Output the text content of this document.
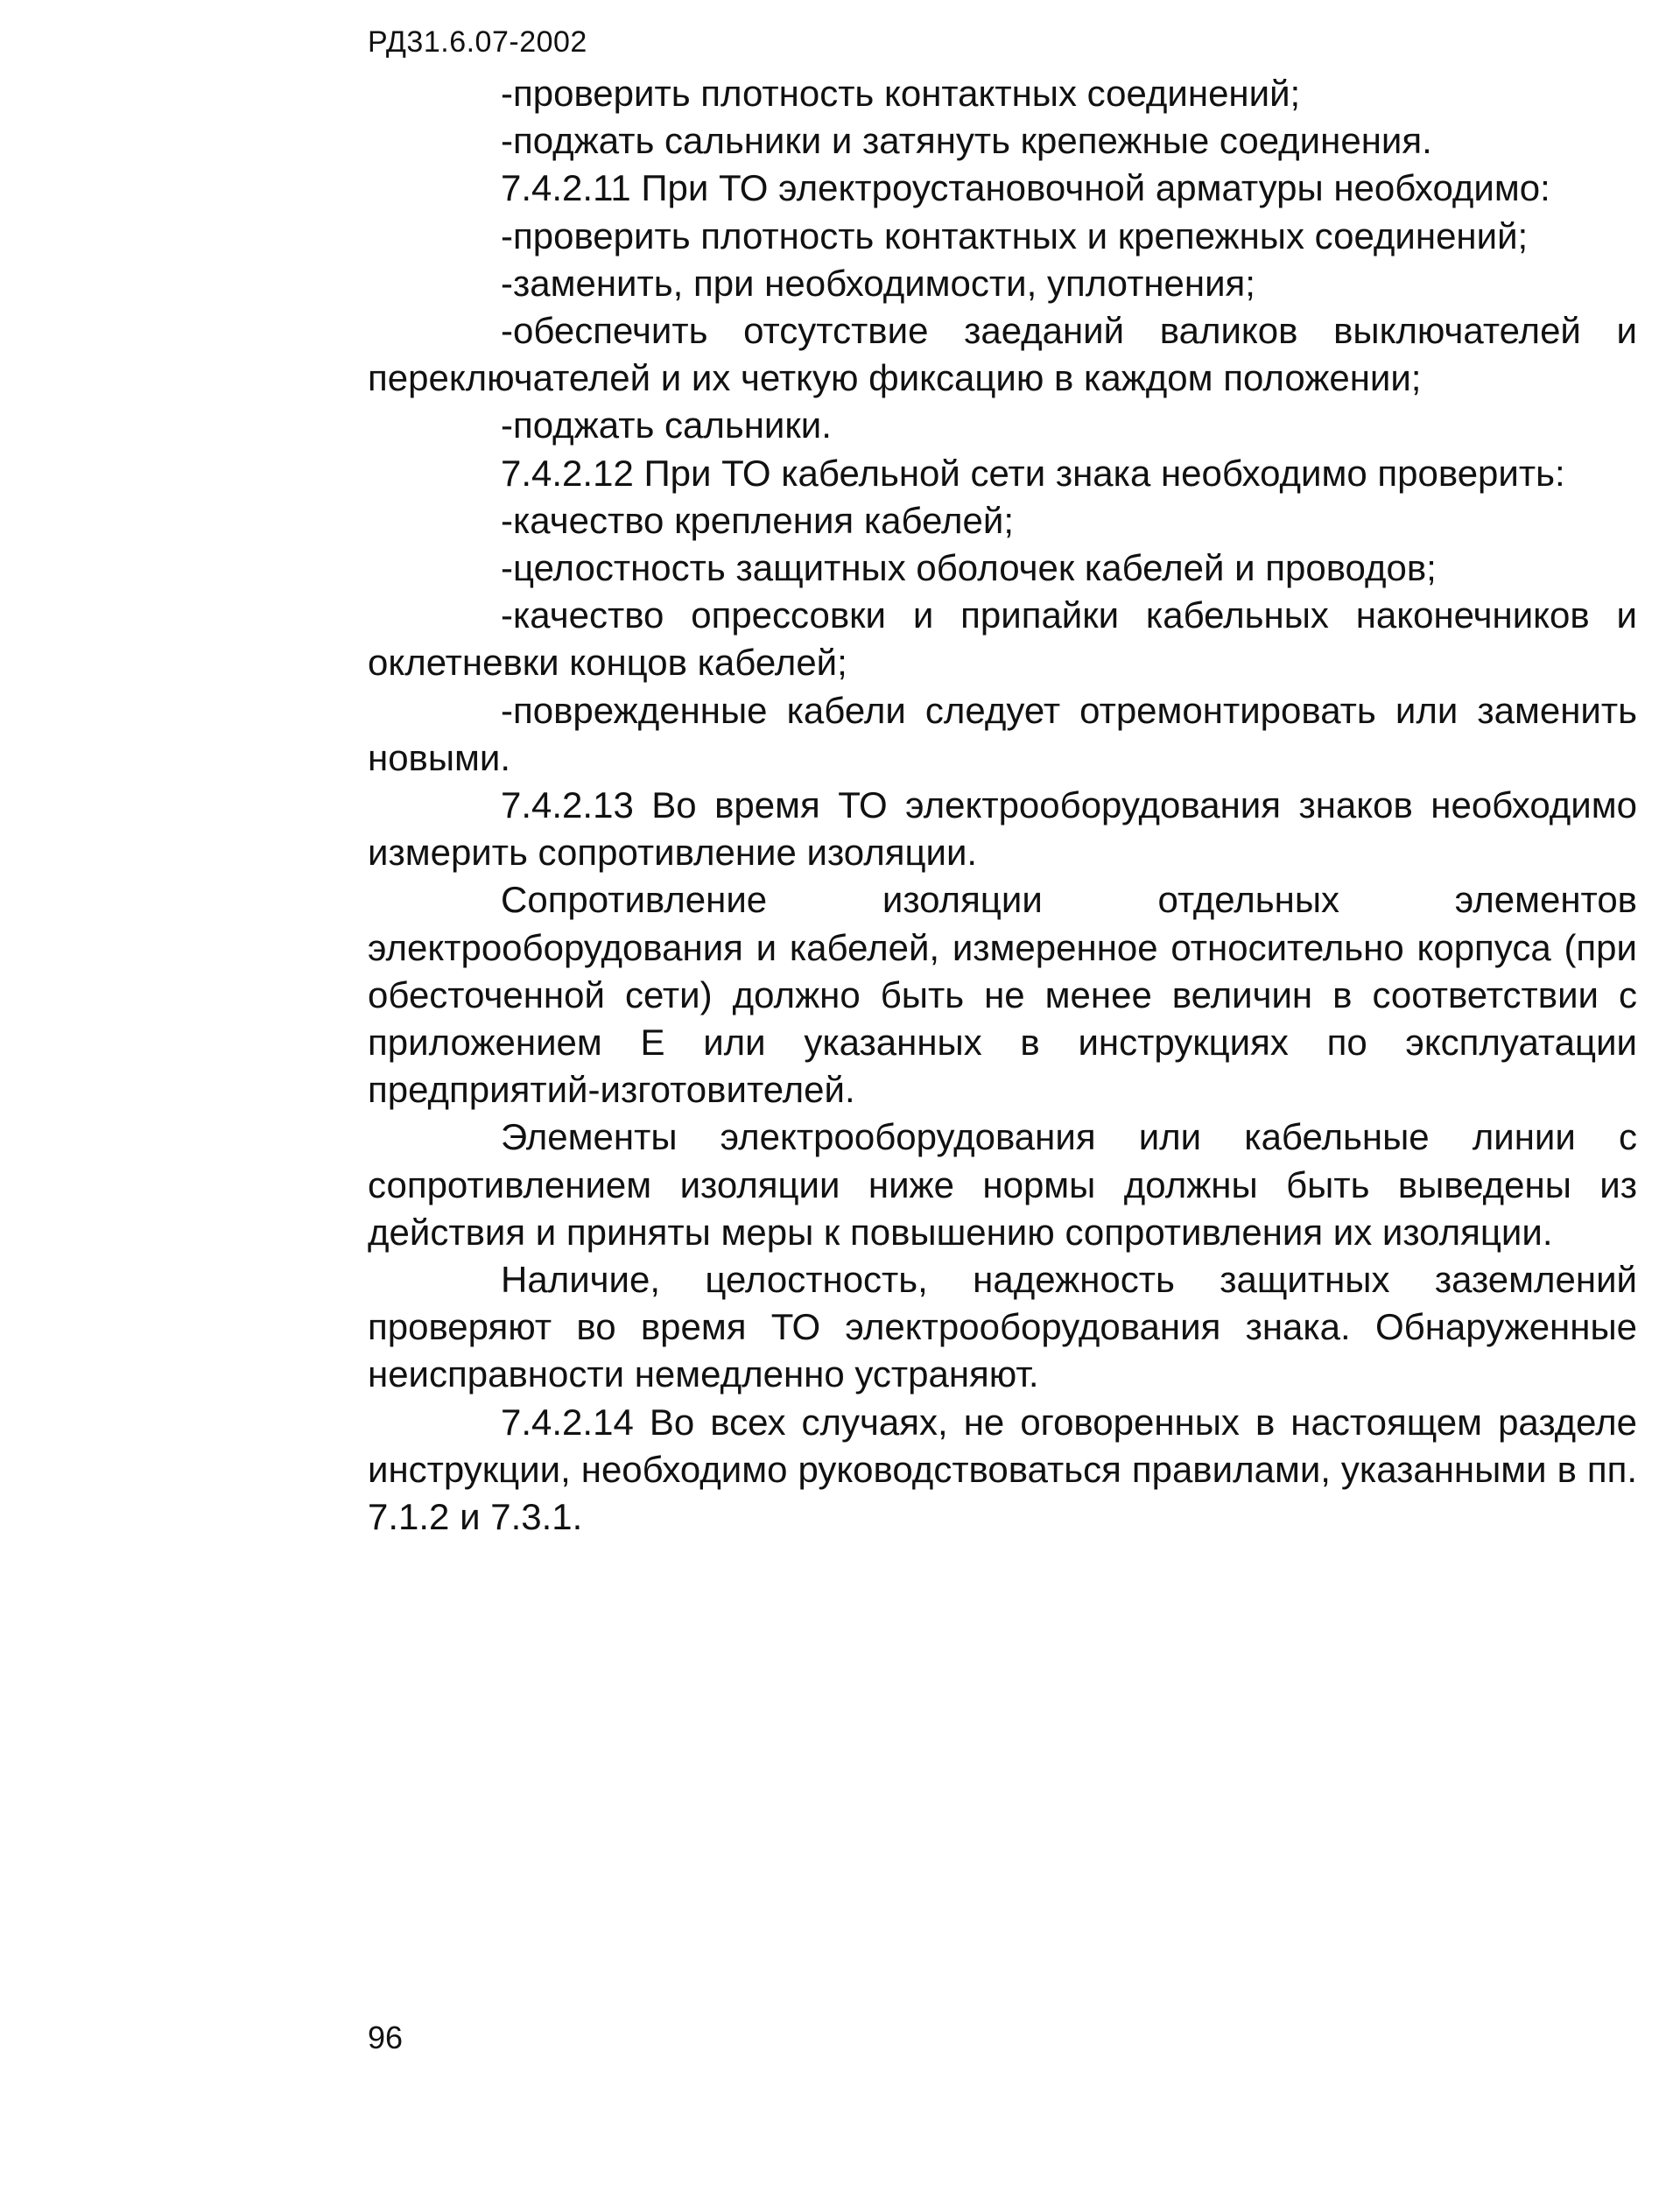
РД31.6.07-2002

-проверить плотность контактных соединений;

-поджать сальники и затянуть крепежные соединения.

7.4.2.11 При ТО электроустановочной арматуры необходимо:

-проверить плотность контактных и крепежных соединений;

-заменить, при необходимости, уплотнения;

-обеспечить отсутствие заеданий валиков выключателей и переключателей и их четкую фиксацию в каждом положении;

-поджать сальники.

7.4.2.12 При ТО кабельной сети знака необходимо проверить:

-качество крепления кабелей;

-целостность защитных оболочек кабелей и проводов;

-качество опрессовки и припайки кабельных наконечников и оклетневки концов кабелей;

-поврежденные кабели следует отремонтировать или заменить новыми.

7.4.2.13 Во время ТО электрооборудования знаков необходимо измерить сопротивление изоляции.

Сопротивление изоляции отдельных элементов электрооборудования и кабелей, измеренное относительно корпуса (при обесточенной сети) должно быть не менее величин в соответствии с приложением Е или указанных в инструкциях по эксплуатации предприятий-изготовителей.

Элементы электрооборудования или кабельные линии с сопротивлением изоляции ниже нормы должны быть выведены из действия и приняты меры к повышению сопротивления их изоляции.

Наличие, целостность, надежность защитных заземлений проверяют во время ТО электрооборудования знака. Обнаруженные неисправности немедленно устраняют.

7.4.2.14 Во всех случаях, не оговоренных в настоящем разделе инструкции, необходимо руководствоваться правилами, указанными в пп. 7.1.2 и 7.3.1.

96
